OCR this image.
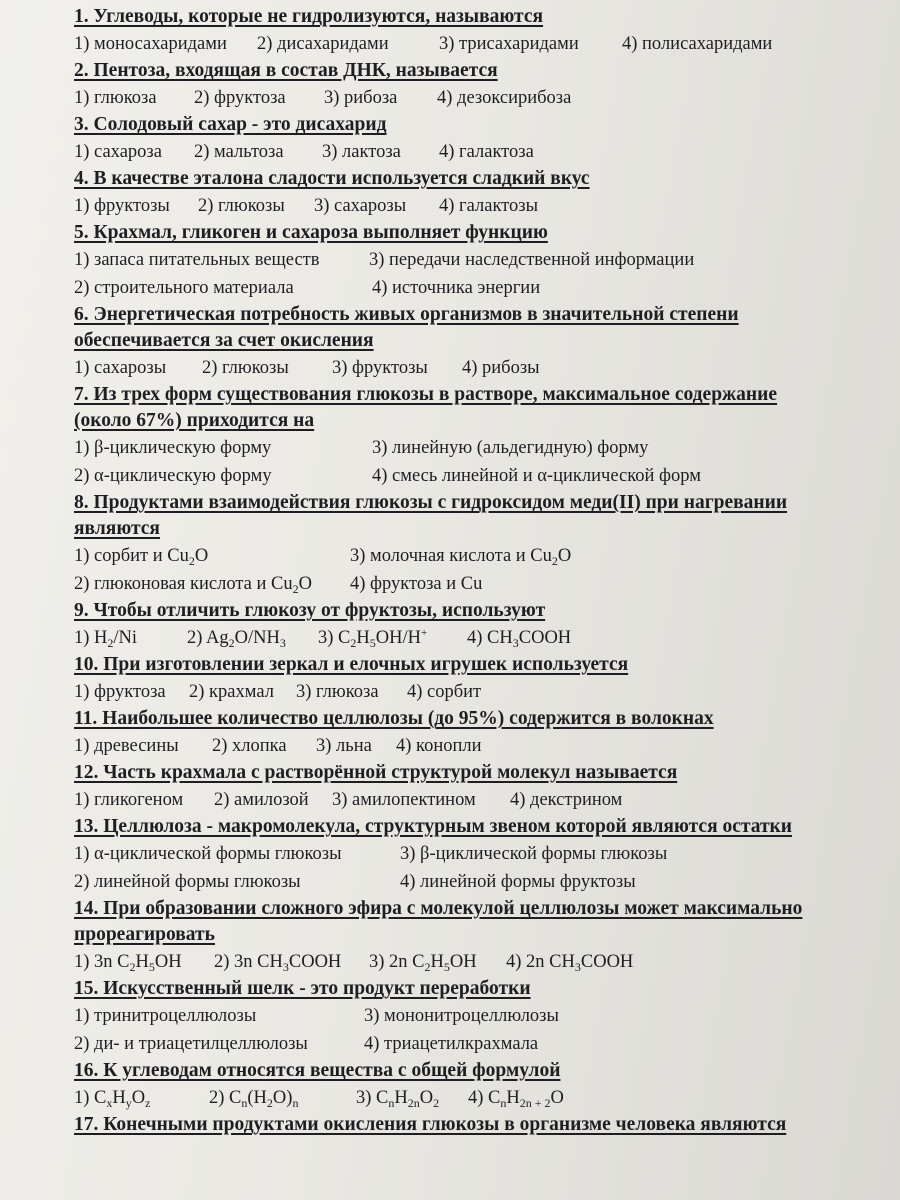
1. Углеводы, которые не гидролизуются, называются
1) моносахаридами 2) дисахаридами	3) трисахаридами 4) полисахаридами
2. Пентоза, входящая в состав ДНК, называется
1) глюкоза 2) фруктоза 3) рибоза 4) дезоксирибоза
3. Солодовый сахар - это дисахарид
1) сахароза 2) мальтоза 3) лактоза 4) галактоза
4. В качестве эталона сладости используется сладкий вкус
1) фруктозы 2) глюкозы 3) сахарозы 4) галактозы
5. Крахмал, гликоген и сахароза выполняет функцию
1) запаса питательных веществ	3) передачи наследственной информации
2) строительного материала	4) источника энергии
6. Энергетическая потребность живых организмов в значительной степени обеспечивается за счет окисления
1) сахарозы 2) глюкозы 3) фруктозы 4) рибозы
7. Из трех форм существования глюкозы в растворе, максимальное содержание (около 67%) приходится на
1) β-циклическую форму	3) линейную (альдегидную) форму
2) α-циклическую форму	4) смесь линейной и α-циклической форм
8. Продуктами взаимодействия глюкозы с гидроксидом меди(II) при нагревании являются
1) сорбит и $Cu_2O$	3) молочная кислота и $Cu_2O$
2) глюконовая кислота и $Cu_2O$ 4) фруктоза и Cu
9. Чтобы отличить глюкозу от фруктозы, используют
1) $H_2/Ni$	2) $Ag_2O/NH_3$ 3) $C_2H_5OH/H^+$ 4) $CH_3COOH$
10. При изготовлении зеркал и елочных игрушек используется
1) фруктоза 2) крахмал 3) глюкоза 4) сорбит
11. Наибольшее количество целлюлозы (до 95%) содержится в волокнах
1) древесины 2) хлопка 3) льна 4) конопли
12. Часть крахмала с растворённой структурой молекул называется
1) гликогеном 2) амилозой 3) амилопектином 4) декстрином
13. Целлюлоза - макромолекула, структурным звеном которой являются остатки
1) α-циклической формы глюкозы	3) β-циклической формы глюкозы
2) линейной формы глюкозы	4) линейной формы фруктозы
14. При образовании сложного эфира с молекулой целлюлозы может максимально прореагировать
1) 3n $C_2H_5OH$ 2) 3n $CH_3COOH$ 3) 2n $C_2H_5OH$ 4) 2n $CH_3COOH$
15. Искусственный шелк - это продукт переработки
1) тринитроцеллюлозы	3) мононитроцеллюлозы
2) ди- и триацетилцеллюлозы	4) триацетилкрахмала
16. К углеводам относятся вещества с общей формулой
1) $C_xH_yO_z$	2) $C_n(H_2O)_n$	3) $C_nH_{2n}O_2$ 4) $C_nH_{2n + 2}O$
17. Конечными продуктами окисления глюкозы в организме человека являются
